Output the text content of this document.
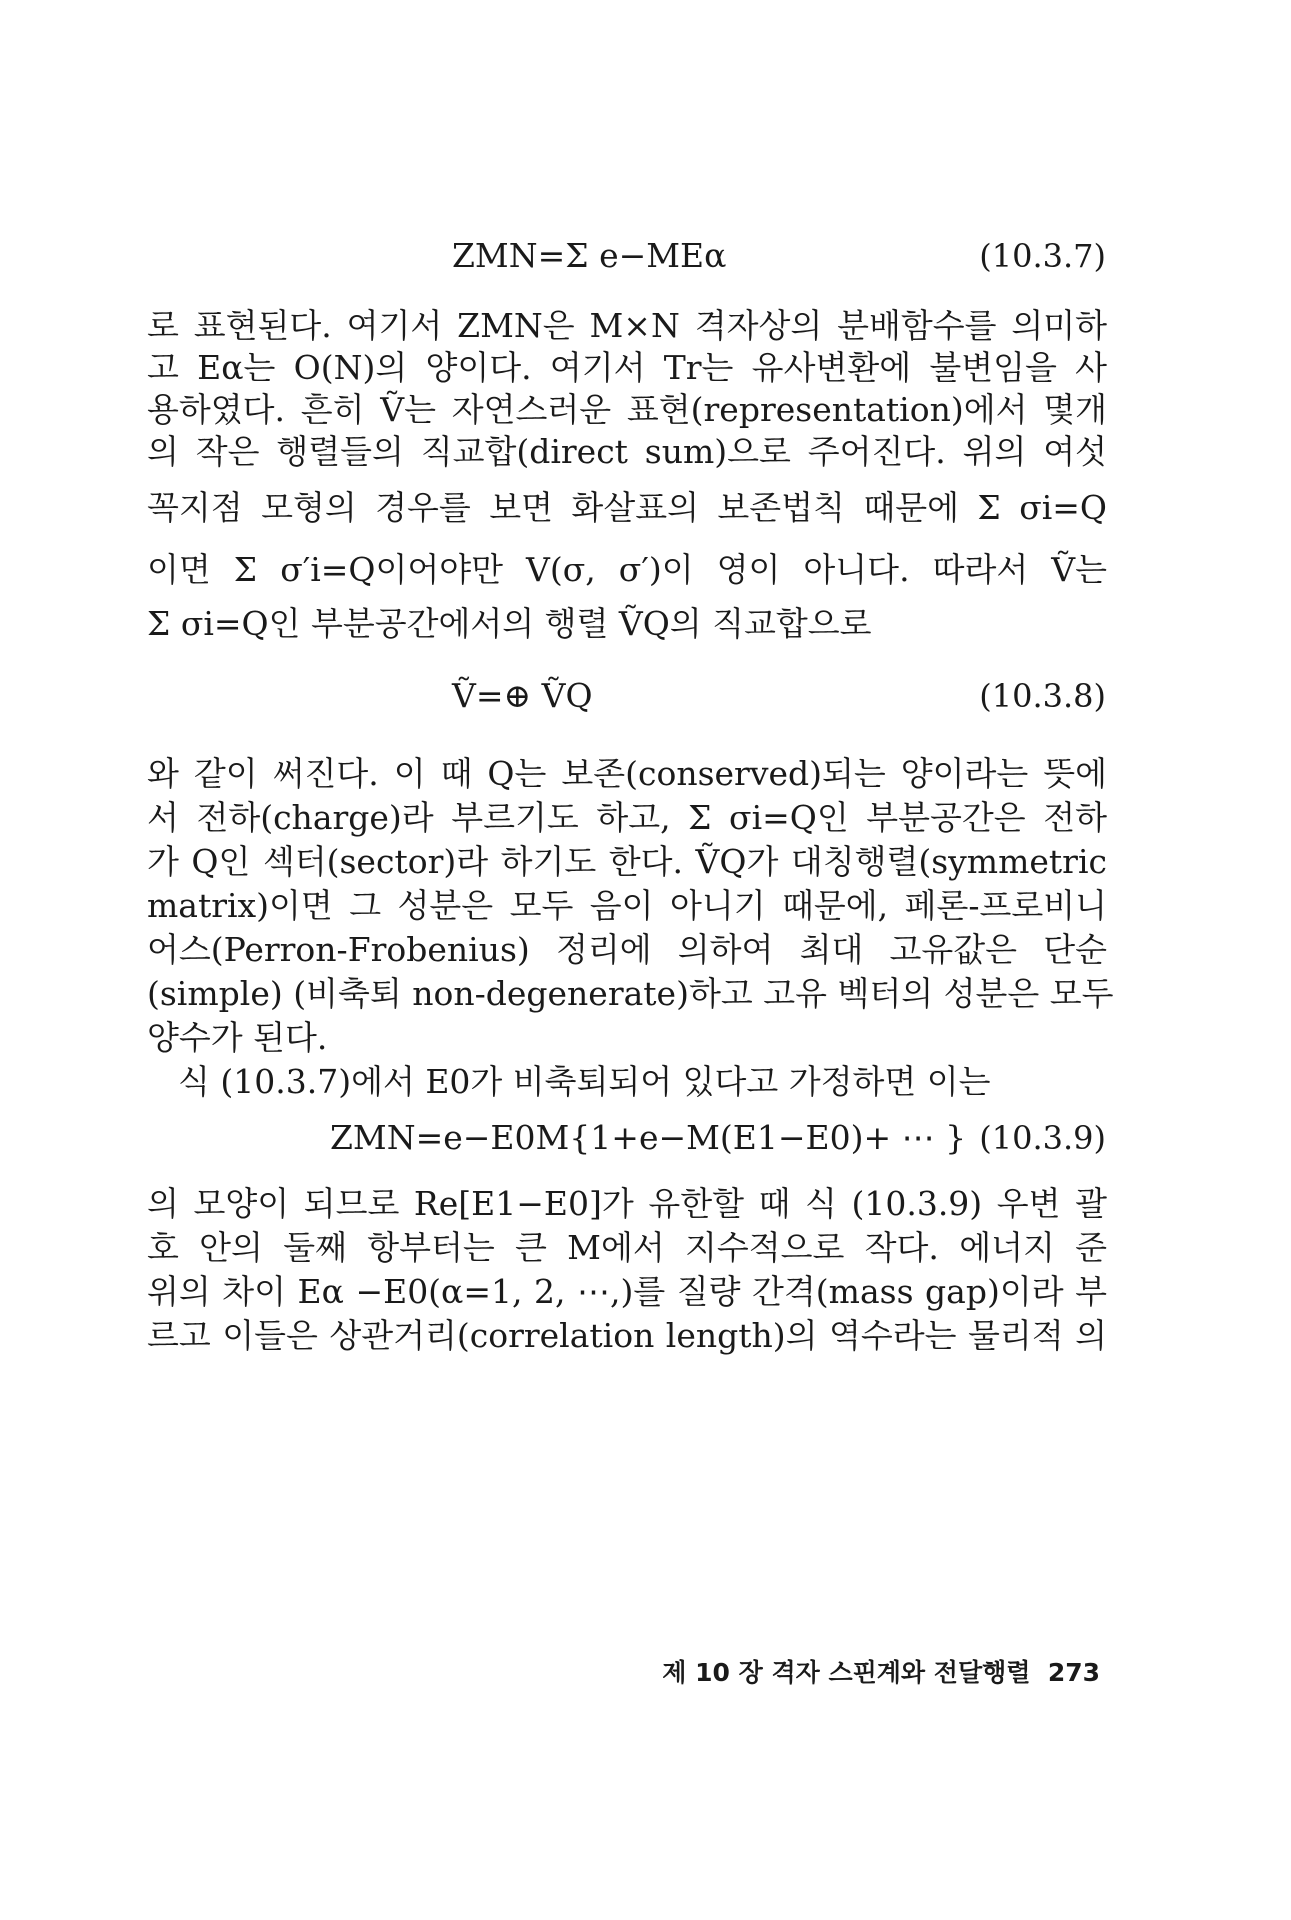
ZMN=Σ e−MEα	(10.3.7)
로 표현된다. 여기서 ZMN은 M×N 격자상의 분배함수를 의미하
고 Eα는 O(N)의 양이다. 여기서 Tr는 유사변환에 불변임을 사
용하였다. 흔히 Ṽ는 자연스러운 표현(representation)에서 몇개
의 작은 행렬들의 직교합(direct sum)으로 주어진다. 위의 여섯
꼭지점 모형의 경우를 보면 화살표의 보존법칙 때문에 Σ σi=Q
이면 Σ σ′i=Q이어야만 V(σ, σ′)이 영이 아니다. 따라서 Ṽ는
Σ σi=Q인 부분공간에서의 행렬 ṼQ의 직교합으로
Ṽ=⊕ ṼQ	(10.3.8)
와 같이 써진다. 이 때 Q는 보존(conserved)되는 양이라는 뜻에
서 전하(charge)라 부르기도 하고, Σ σi=Q인 부분공간은 전하
가 Q인 섹터(sector)라 하기도 한다. ṼQ가 대칭행렬(symmetric
matrix)이면 그 성분은 모두 음이 아니기 때문에, 페론-프로비니
어스(Perron-Frobenius) 정리에 의하여 최대 고유값은 단순
(simple) (비축퇴 non-degenerate)하고 고유 벡터의 성분은 모두
양수가 된다.
식 (10.3.7)에서 E0가 비축퇴되어 있다고 가정하면 이는
ZMN=e−E0M{1+e−M(E1−E0)+ ⋯ } (10.3.9)
의 모양이 되므로 Re[E1−E0]가 유한할 때 식 (10.3.9) 우변 괄
호 안의 둘째 항부터는 큰 M에서 지수적으로 작다. 에너지 준
위의 차이 Eα −E0(α=1, 2, ⋯,)를 질량 간격(mass gap)이라 부
르고 이들은 상관거리(correlation length)의 역수라는 물리적 의
제 10 장 격자 스핀계와 전달행렬 273
